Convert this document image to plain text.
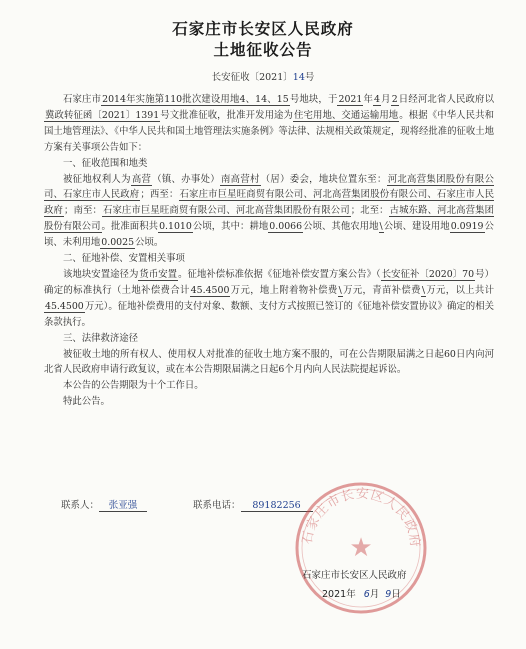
石家庄市长安区人民政府
土地征收公告
长安征收〔2021〕14号

石家庄市2014年实施第110批次建设用地4、14、15号地块，于2021年4月2日经河北省人民政府以冀政转征函〔2021〕1391号文批准征收，批准开发用途为住宅用地、交通运输用地。根据《中华人民共和国土地管理法》、《中华人民共和国土地管理法实施条例》等法律、法规相关政策规定，现将经批准的征收土地方案有关事项公告如下：

一、征收范围和地类

被征地权利人为高营（镇、办事处）南高营村（居）委会，地块位置东至：河北高营集团股份有限公司、石家庄市人民政府；西至：石家庄市巨星旺商贸有限公司、河北高营集团股份有限公司、石家庄市人民政府；南至：石家庄市巨星旺商贸有限公司、河北高营集团股份有限公司；北至：古城东路、河北高营集团股份有限公司。批准面积共0.1010公顷，其中：耕地0.0066公顷、其他农用地\公顷、建设用地0.0919公顷、未利用地0.0025公顷。

二、征地补偿、安置相关事项

该地块安置途径为货币安置。征地补偿标准依据《征地补偿安置方案公告》（长安征补〔2020〕70号）确定的标准执行（土地补偿费合计45.4500万元，地上附着物补偿费\万元，青苗补偿费\万元，以上共计45.4500万元）。征地补偿费用的支付对象、数额、支付方式按照已签订的《征地补偿安置协议》确定的相关条款执行。

三、法律救济途径

被征收土地的所有权人、使用权人对批准的征收土地方案不服的，可在公告期限届满之日起60日内向河北省人民政府申请行政复议，或在本公告期限届满之日起6个月内向人民法院提起诉讼。

本公告的公告期限为十个工作日。

特此公告。

联系人： 张亚强	联系电话： 89182256
石家庄市长安区人民政府
★
石家庄市长安区人民政府
2021年 6月 9日
